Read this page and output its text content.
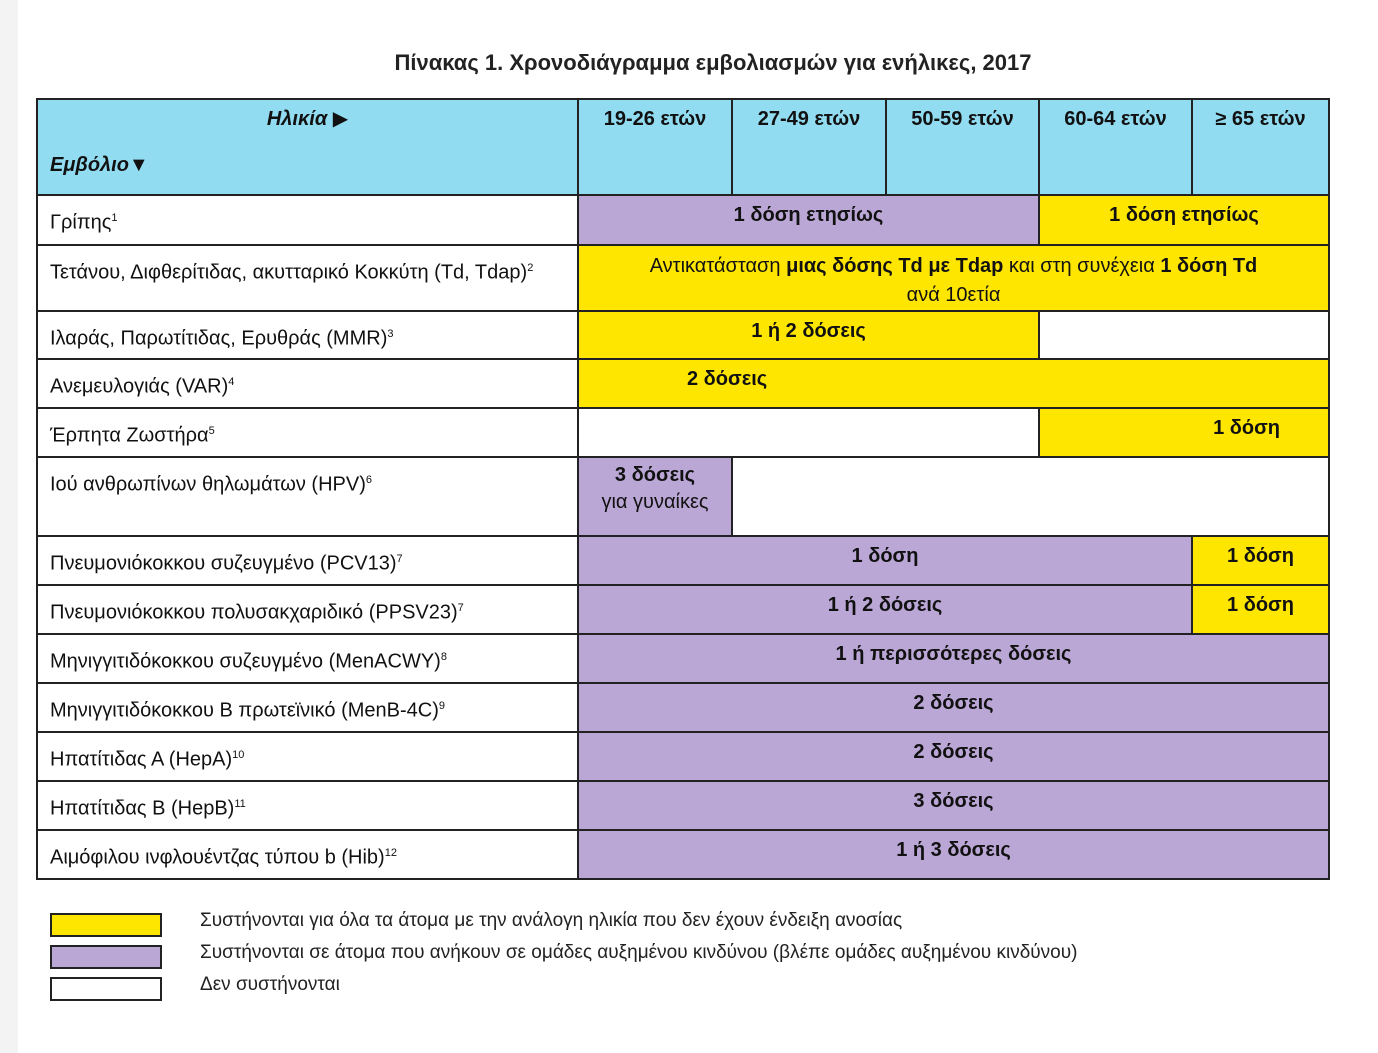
Πίνακας 1. Χρονοδιάγραμμα εμβολιασμών για ενήλικες, 2017
Ηλικία ▶
Εμβόλιο▼	19-26 ετών	27-49 ετών	50-59 ετών	60-64 ετών	≥ 65 ετών
Γρίπης$^1$	1 δόση ετησίως			1 δόση ετησίως	
Τετάνου, Διφθερίτιδας, ακυτταρικό Κοκκύτη (Td, Tdap)$^2$	Αντικατάσταση μιας δόσης Td με Tdap και στη συνέχεια 1 δόση Td
ανά 10ετία				
Ιλαράς, Παρωτίτιδας, Ερυθράς (MMR)$^3$	1 ή 2 δόσεις				
Ανεμευλογιάς (VAR)$^4$	2 δόσεις				
Έρπητα Ζωστήρα$^5$				1 δόση	
Ιού ανθρωπίνων θηλωμάτων (HPV)$^6$	3 δόσεις
για γυναίκες				
Πνευμονιόκοκκου συζευγμένο $(PCV13)^7$	1 δόση				1 δόση
Πνευμονιόκοκκου πολυσακχαριδικό (PPSV23)$^7$	1 ή 2 δόσεις				1 δόση
Μηνιγγιτιδόκοκκου συζευγμένο (MenACWY)$^8$	1 ή περισσότερες δόσεις				
Μηνιγγιτιδόκοκκου Β πρωτεϊνικό (MenB-4C)$^9$	2 δόσεις				
Ηπατίτιδας Α (HepA)$^{10}$	2 δόσεις				
Ηπατίτιδας Β (HepB)$^{11}$	3 δόσεις				
Αιμόφιλου ινφλουέντζας τύπου b (Hib)$^{12}$	1 ή 3 δόσεις				
Συστήνονται για όλα τα άτομα με την ανάλογη ηλικία που δεν έχουν ένδειξη ανοσίας
Συστήνονται σε άτομα που ανήκουν σε ομάδες αυξημένου κινδύνου (βλέπε ομάδες αυξημένου κινδύνου)
Δεν συστήνονται
